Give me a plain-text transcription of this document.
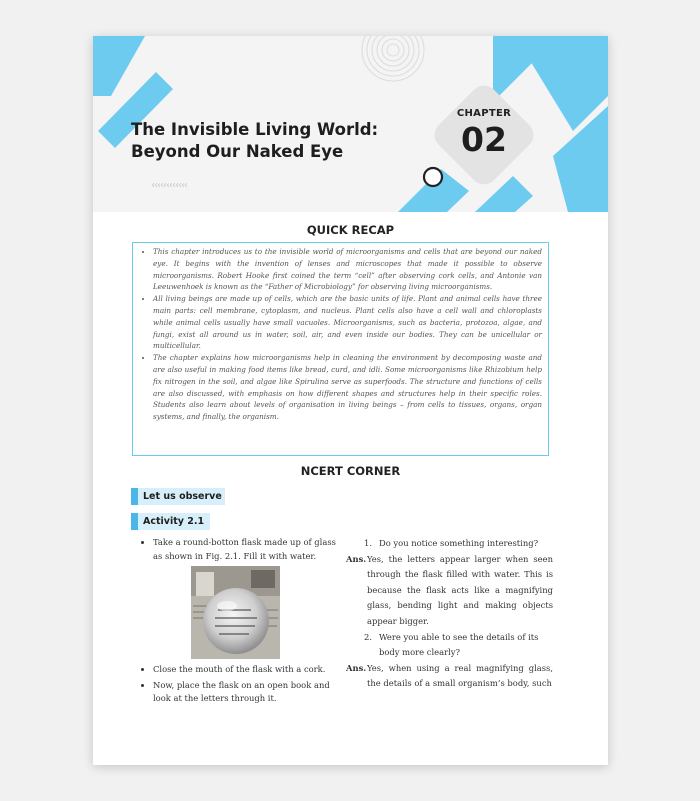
The Invisible Living World:
Beyond Our Naked Eye
CHAPTER
02
‹‹‹‹‹‹‹‹‹‹‹‹
QUICK RECAP
• This chapter introduces us to the invisible world of microorganisms and cells that are beyond our naked eye. It begins with the invention of lenses and microscopes that made it possible to observe microorganisms. Robert Hooke first coined the term “cell” after observing cork cells, and Antonie van Leeuwenhoek is known as the “Father of Microbiology” for observing living microorganisms.
• All living beings are made up of cells, which are the basic units of life. Plant and animal cells have three main parts: cell membrane, cytoplasm, and nucleus. Plant cells also have a cell wall and chloroplasts while animal cells usually have small vacuoles. Microorganisms, such as bacteria, protozoa, algae, and fungi, exist all around us in water, soil, air, and even inside our bodies. They can be unicellular or multicellular.
• The chapter explains how microorganisms help in cleaning the environment by decomposing waste and are also useful in making food items like bread, curd, and idli. Some microorganisms like Rhizobium help fix nitrogen in the soil, and algae like Spirulina serve as superfoods. The structure and functions of cells are also discussed, with emphasis on how different shapes and structures help in their specific roles. Students also learn about levels of organisation in living beings – from cells to tissues, organs, organ systems, and finally, the organism.
NCERT CORNER
Let us observe
Activity 2.1
• Take a round-botton flask made up of glass as shown in Fig. 2.1. Fill it with water.
• Close the mouth of the flask with a cork.
• Now, place the flask on an open book and look at the letters through it.
1. Do you notice something interesting?
Ans. Yes, the letters appear larger when seen through the flask filled with water. This is because the flask acts like a magnifying glass, bending light and making objects appear bigger.
2. Were you able to see the details of its body more clearly?
Ans. Yes, when using a real magnifying glass, the details of a small organism’s body, such
